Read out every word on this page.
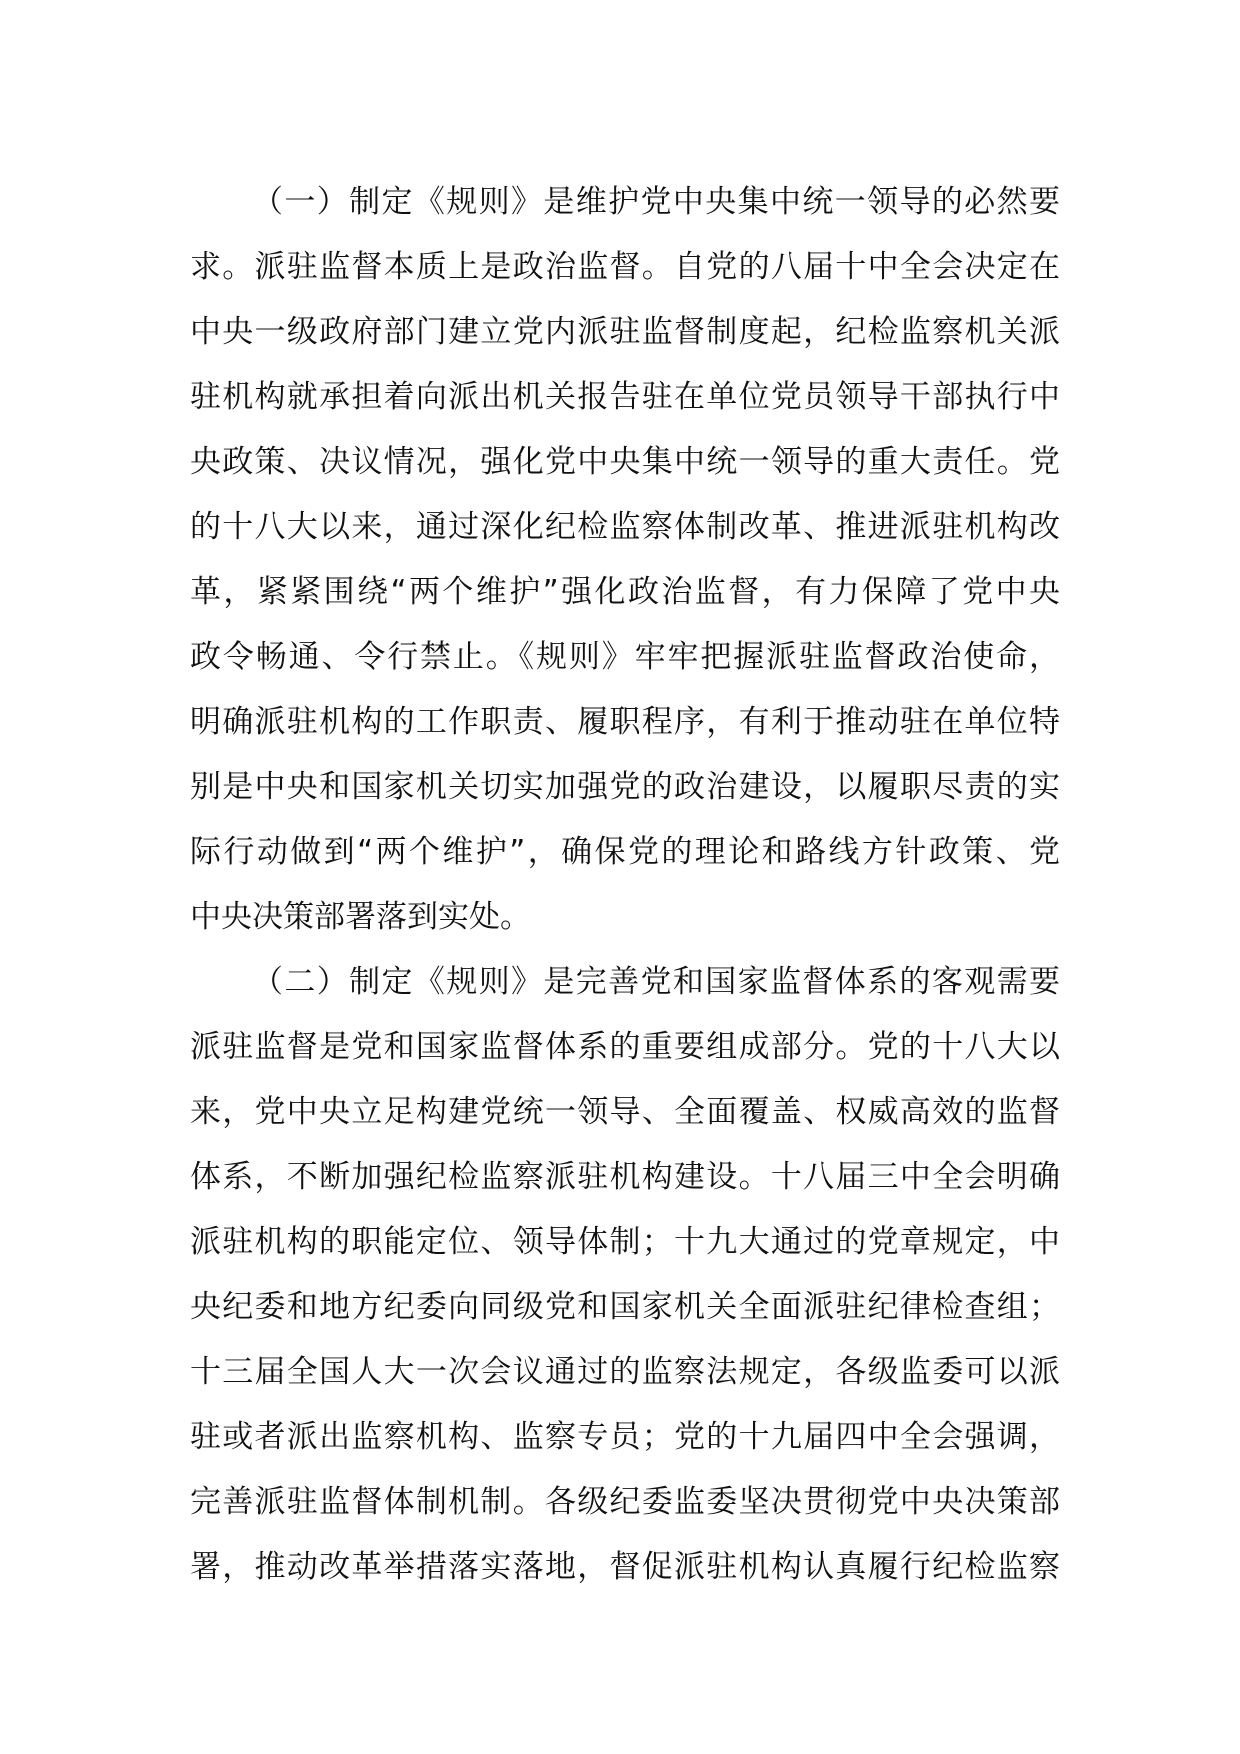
（一）制定《规则》是维护党中央集中统一领导的必然要
求。派驻监督本质上是政治监督。自党的八届十中全会决定在
中央一级政府部门建立党内派驻监督制度起，纪检监察机关派
驻机构就承担着向派出机关报告驻在单位党员领导干部执行中
央政策、决议情况，强化党中央集中统一领导的重大责任。党
的十八大以来，通过深化纪检监察体制改革、推进派驻机构改
革，紧紧围绕“两个维护”强化政治监督，有力保障了党中央
政令畅通、令行禁止。《规则》牢牢把握派驻监督政治使命，
明确派驻机构的工作职责、履职程序，有利于推动驻在单位特
别是中央和国家机关切实加强党的政治建设，以履职尽责的实
际行动做到“两个维护”，确保党的理论和路线方针政策、党
中央决策部署落到实处。
（二）制定《规则》是完善党和国家监督体系的客观需要
派驻监督是党和国家监督体系的重要组成部分。党的十八大以
来，党中央立足构建党统一领导、全面覆盖、权威高效的监督
体系，不断加强纪检监察派驻机构建设。十八届三中全会明确
派驻机构的职能定位、领导体制；十九大通过的党章规定，中
央纪委和地方纪委向同级党和国家机关全面派驻纪律检查组；
十三届全国人大一次会议通过的监察法规定，各级监委可以派
驻或者派出监察机构、监察专员；党的十九届四中全会强调，
完善派驻监督体制机制。各级纪委监委坚决贯彻党中央决策部
署，推动改革举措落实落地，督促派驻机构认真履行纪检监察
